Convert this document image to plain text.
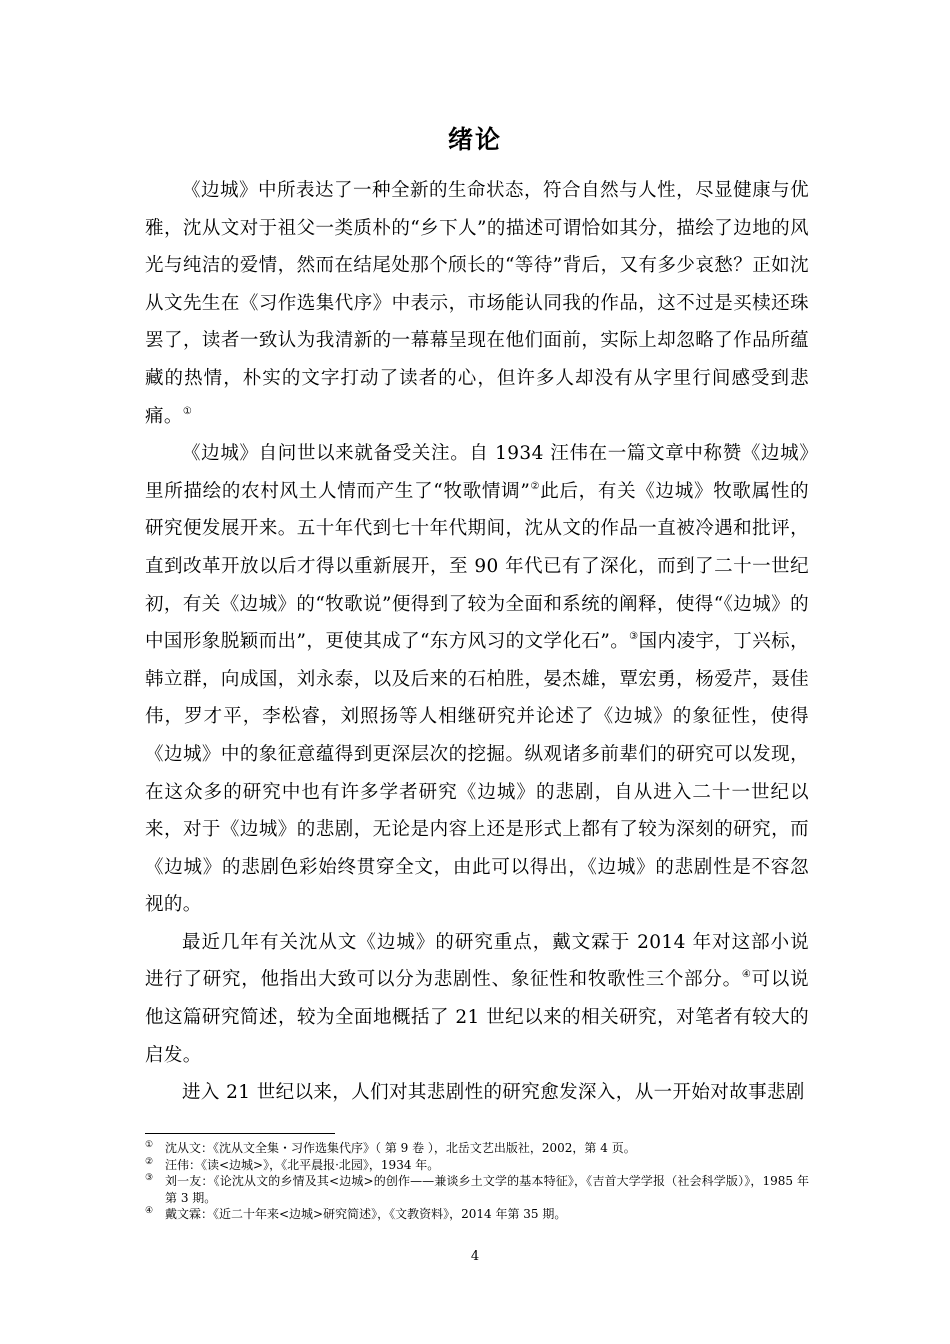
绪论

《边城》中所表达了一种全新的生命状态，符合自然与人性，尽显健康与优雅，沈从文对于祖父一类质朴的“乡下人”的描述可谓恰如其分，描绘了边地的风光与纯洁的爱情，然而在结尾处那个颀长的“等待”背后，又有多少哀愁？正如沈从文先生在《习作选集代序》中表示，市场能认同我的作品，这不过是买椟还珠罢了，读者一致认为我清新的一幕幕呈现在他们面前，实际上却忽略了作品所蕴藏的热情，朴实的文字打动了读者的心，但许多人却没有从字里行间感受到悲痛。①

《边城》自问世以来就备受关注。自 1934 汪伟在一篇文章中称赞《边城》里所描绘的农村风土人情而产生了“牧歌情调”②此后，有关《边城》牧歌属性的研究便发展开来。五十年代到七十年代期间，沈从文的作品一直被冷遇和批评，直到改革开放以后才得以重新展开，至 90 年代已有了深化，而到了二十一世纪初，有关《边城》的“牧歌说”便得到了较为全面和系统的阐释，使得“《边城》的中国形象脱颖而出”，更使其成了“东方风习的文学化石”。③国内凌宇，丁兴标，韩立群，向成国，刘永泰，以及后来的石柏胜，晏杰雄，覃宏勇，杨爱芹，聂佳伟，罗才平，李松睿，刘照扬等人相继研究并论述了《边城》的象征性，使得《边城》中的象征意蕴得到更深层次的挖掘。纵观诸多前辈们的研究可以发现，在这众多的研究中也有许多学者研究《边城》的悲剧，自从进入二十一世纪以来，对于《边城》的悲剧，无论是内容上还是形式上都有了较为深刻的研究，而《边城》的悲剧色彩始终贯穿全文，由此可以得出，《边城》的悲剧性是不容忽视的。

最近几年有关沈从文《边城》的研究重点，戴文霖于 2014 年对这部小说进行了研究，他指出大致可以分为悲剧性、象征性和牧歌性三个部分。④可以说他这篇研究简述，较为全面地概括了 21 世纪以来的相关研究，对笔者有较大的启发。

进入 21 世纪以来，人们对其悲剧性的研究愈发深入，从一开始对故事悲剧

① 沈从文：《沈从文全集・习作选集代序》（ 第 9 卷 ），北岳文艺出版社，2002，第 4 页。
② 汪伟：《读<边城>》，《北平晨报·北园》，1934 年。
③ 刘一友：《论沈从文的乡情及其<边城>的创作——兼谈乡土文学的基本特征》，《吉首大学学报（社会科学版）》，1985 年第 3 期。
④ 戴文霖：《近二十年来<边城>研究简述》，《文教资料》，2014 年第 35 期。
4
